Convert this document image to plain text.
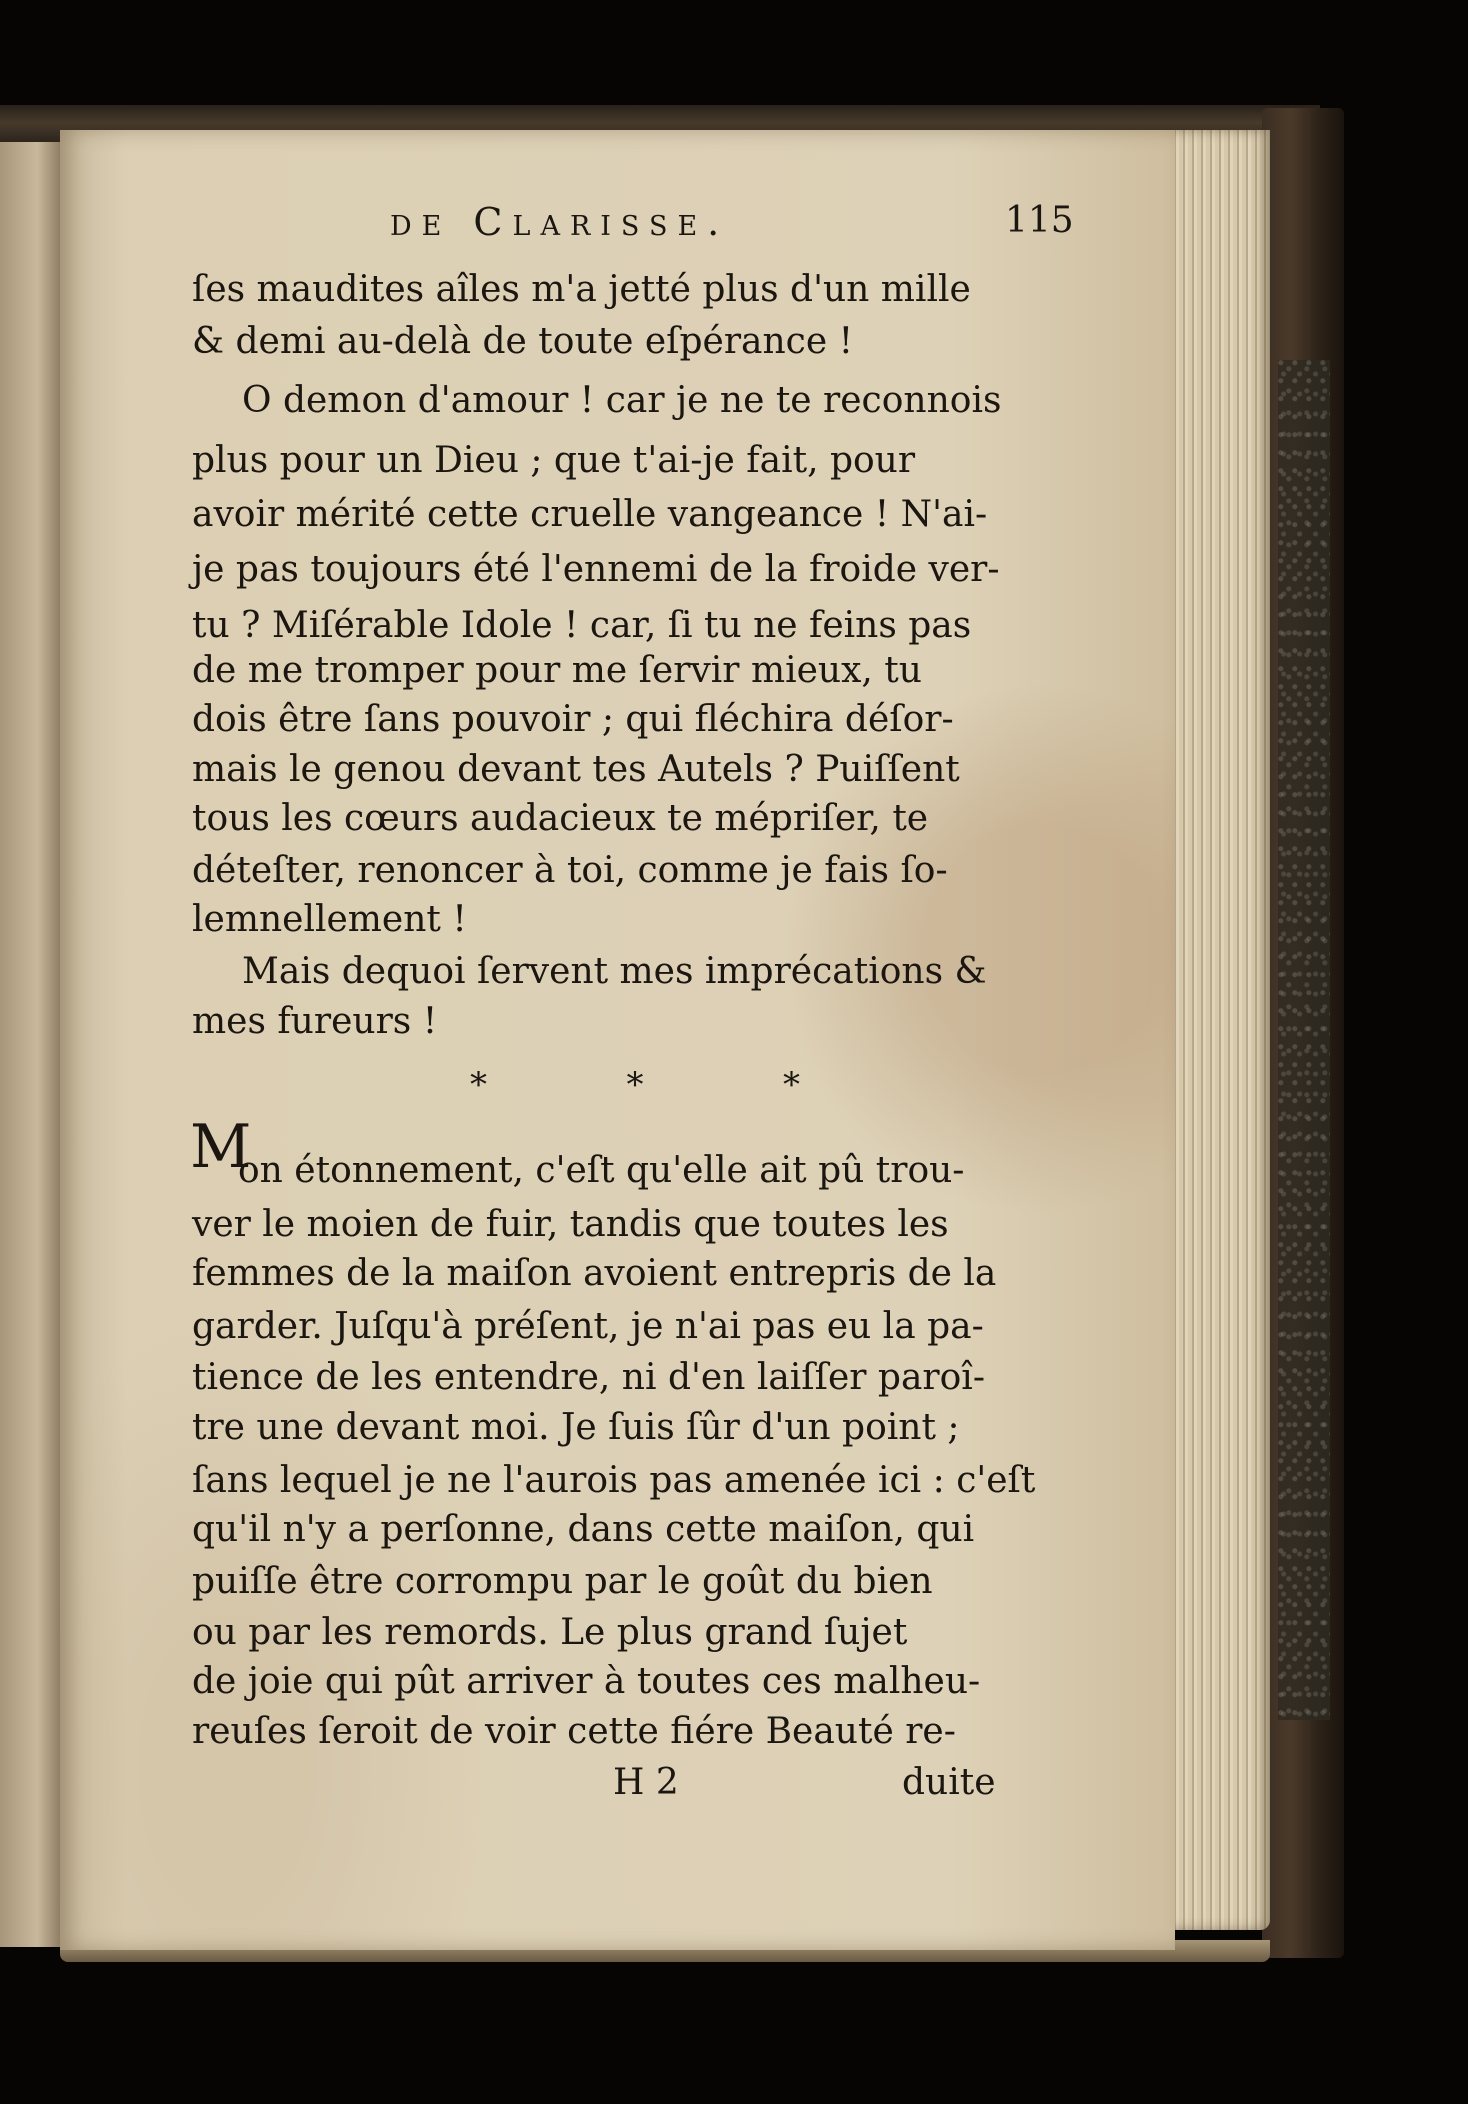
de Clarisse.	115
ſes maudites aîles m'a jetté plus d'un mille
& demi au-delà de toute eſpérance !
O demon d'amour ! car je ne te reconnois
plus pour un Dieu ; que t'ai-je fait, pour
avoir mérité cette cruelle vangeance ! N'ai-
je pas toujours été l'ennemi de la froide ver-
tu ? Miſérable Idole ! car, ſi tu ne feins pas
de me tromper pour me ſervir mieux, tu
dois être ſans pouvoir ; qui fléchira déſor-
mais le genou devant tes Autels ? Puiſſent
tous les cœurs audacieux te mépriſer, te
déteſter, renoncer à toi, comme je fais ſo-
lemnellement !
Mais dequoi ſervent mes imprécations &
mes fureurs !
*	*	*
M
on étonnement, c'eſt qu'elle ait pû trou-
ver le moien de fuir, tandis que toutes les
femmes de la maiſon avoient entrepris de la
garder. Juſqu'à préſent, je n'ai pas eu la pa-
tience de les entendre, ni d'en laiſſer paroî-
tre une devant moi. Je ſuis ſûr d'un point ;
ſans lequel je ne l'aurois pas amenée ici : c'eſt
qu'il n'y a perſonne, dans cette maiſon, qui
puiſſe être corrompu par le goût du bien
ou par les remords. Le plus grand ſujet
de joie qui pût arriver à toutes ces malheu-
reuſes ſeroit de voir cette fiére Beauté re-
H 2	duite
